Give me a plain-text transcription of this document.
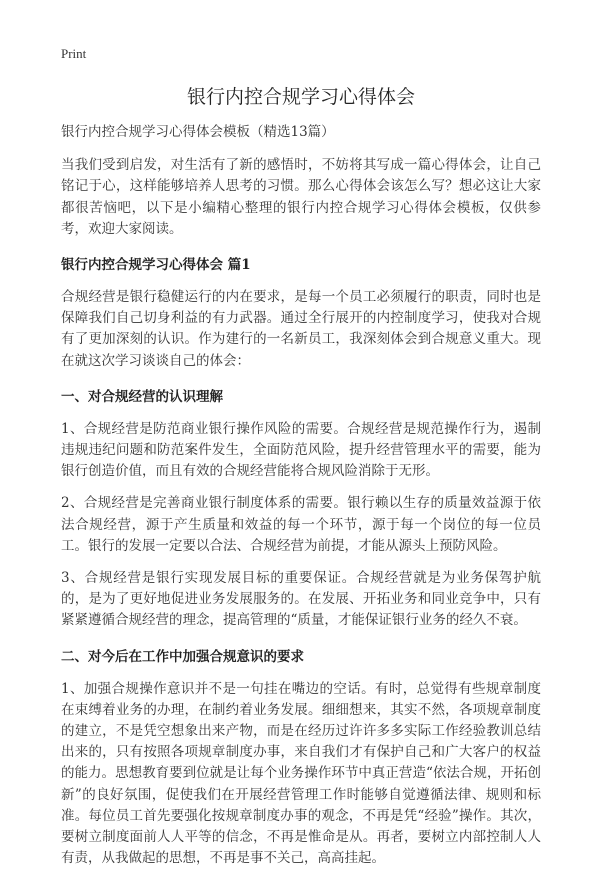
Print
银行内控合规学习心得体会

银行内控合规学习心得体会模板（精选13篇）

当我们受到启发，对生活有了新的感悟时，不妨将其写成一篇心得体会，让自己铭记于心，这样能够培养人思考的习惯。那么心得体会该怎么写？想必这让大家都很苦恼吧，以下是小编精心整理的银行内控合规学习心得体会模板，仅供参考，欢迎大家阅读。

银行内控合规学习心得体会 篇1

合规经营是银行稳健运行的内在要求，是每一个员工必须履行的职责，同时也是保障我们自己切身利益的有力武器。通过全行展开的内控制度学习，使我对合规有了更加深刻的认识。作为建行的一名新员工，我深刻体会到合规意义重大。现在就这次学习谈谈自己的体会：

一、对合规经营的认识理解

1、合规经营是防范商业银行操作风险的需要。合规经营是规范操作行为，遏制违规违纪问题和防范案件发生，全面防范风险，提升经营管理水平的需要，能为银行创造价值，而且有效的合规经营能将合规风险消除于无形。

2、合规经营是完善商业银行制度体系的需要。银行赖以生存的质量效益源于依法合规经营，源于产生质量和效益的每一个环节，源于每一个岗位的每一位员工。银行的发展一定要以合法、合规经营为前提，才能从源头上预防风险。

3、合规经营是银行实现发展目标的重要保证。合规经营就是为业务保驾护航的，是为了更好地促进业务发展服务的。在发展、开拓业务和同业竞争中，只有紧紧遵循合规经营的理念，提高管理的“质量，才能保证银行业务的经久不衰。

二、对今后在工作中加强合规意识的要求

1、加强合规操作意识并不是一句挂在嘴边的空话。有时，总觉得有些规章制度在束缚着业务的办理，在制约着业务发展。细细想来，其实不然，各项规章制度的建立，不是凭空想象出来产物，而是在经历过许许多多实际工作经验教训总结出来的，只有按照各项规章制度办事，来自我们才有保护自己和广大客户的权益的能力。思想教育要到位就是让每个业务操作环节中真正营造“依法合规，开拓创新”的良好氛围，促使我们在开展经营管理工作时能够自觉遵循法律、规则和标准。每位员工首先要强化按规章制度办事的观念，不再是凭“经验”操作。其次，要树立制度面前人人平等的信念，不再是惟命是从。再者，要树立内部控制人人有责，从我做起的思想，不再是事不关己，高高挂起。
